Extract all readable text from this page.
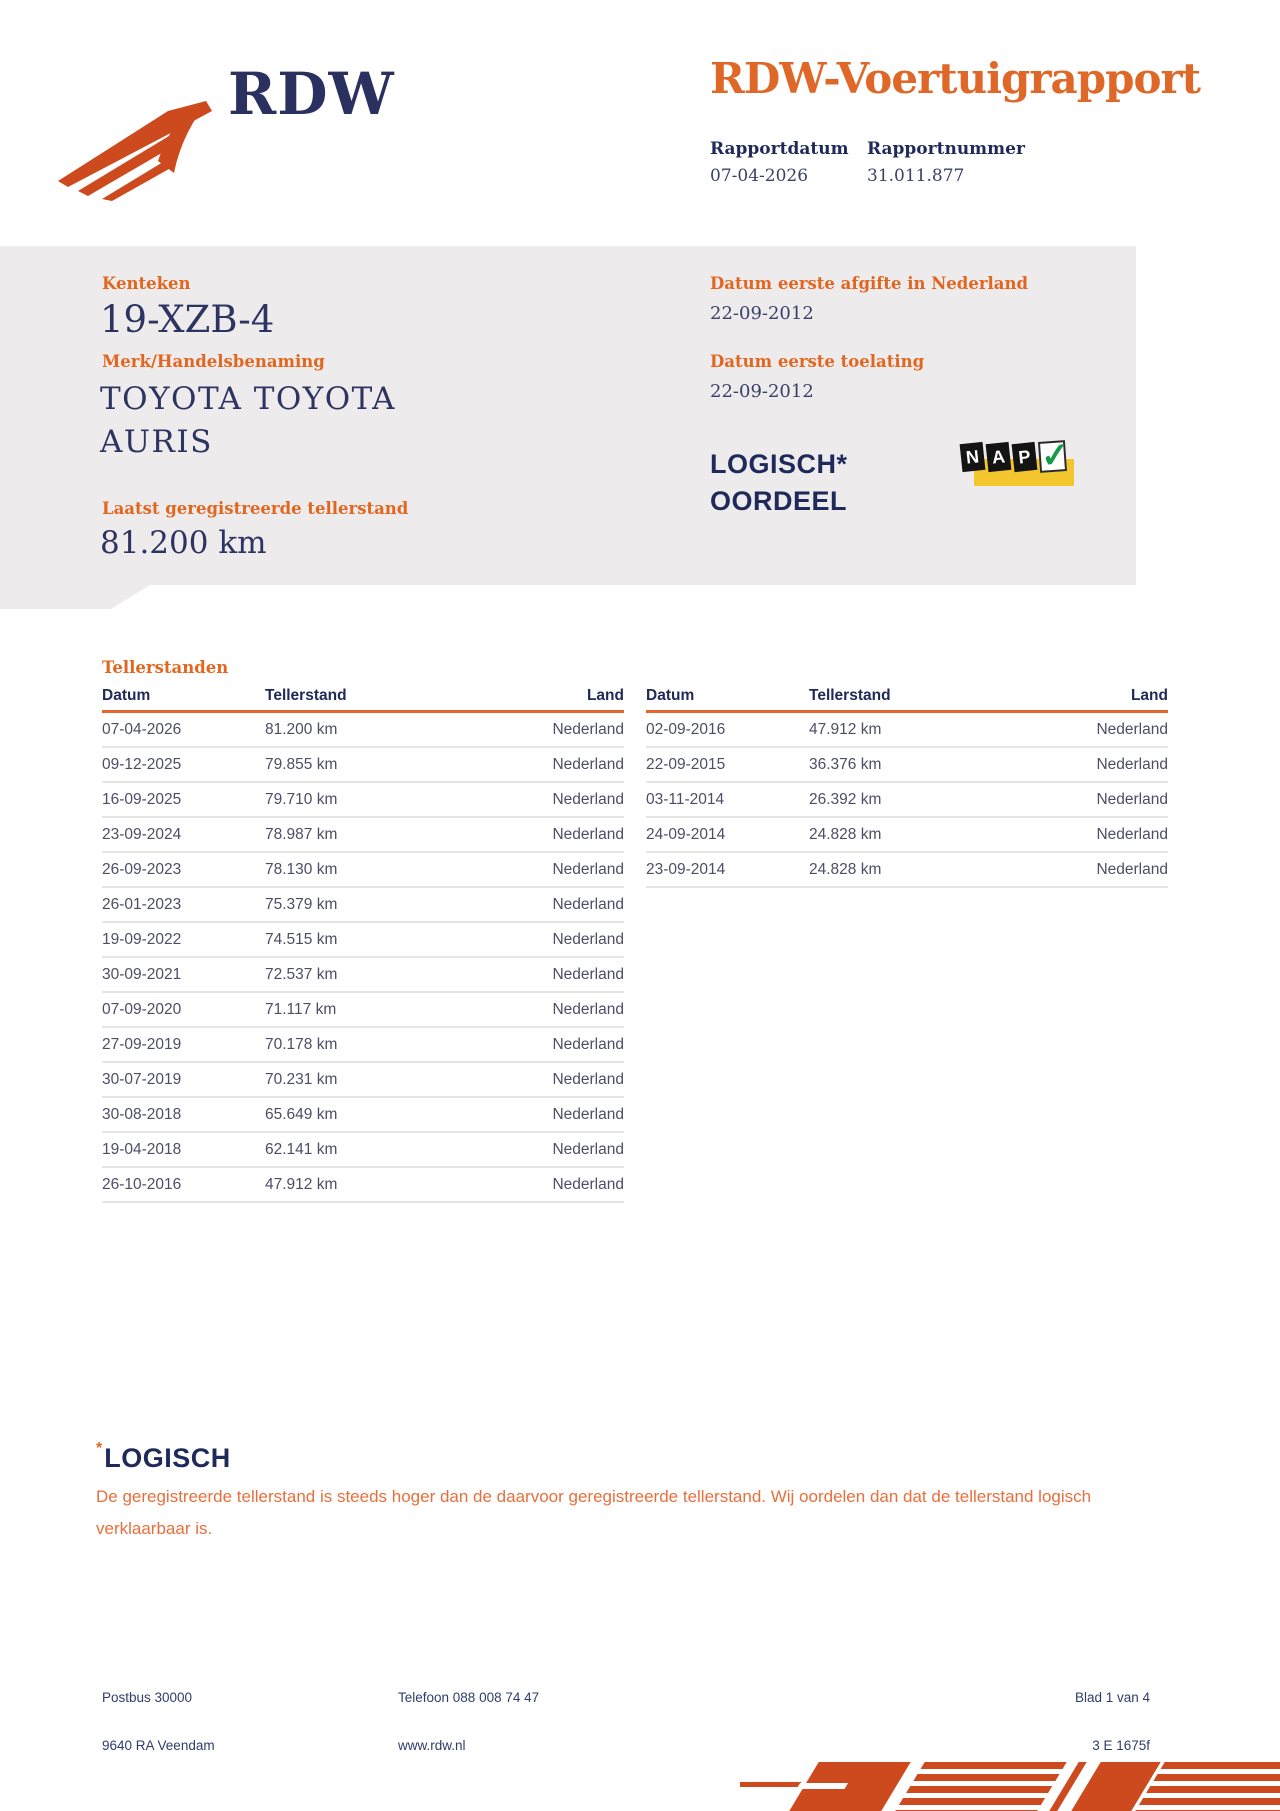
RDW	RDW-Voertuigrapport
Rapportdatum Rapportnummer
07-04-2026	31.011.877
Kenteken
19-XZB-4
Merk/Handelsbenaming
TOYOTA TOYOTA AURIS
Laatst geregistreerde tellerstand
81.200 km
Datum eerste afgifte in Nederland
22-09-2012
Datum eerste toelating
22-09-2012
LOGISCH*
OORDEEL
N A P ✓
Tellerstanden
Datum	Tellerstand	Land
07-04-2026	81.200 km	Nederland
09-12-2025	79.855 km	Nederland
16-09-2025	79.710 km	Nederland
23-09-2024	78.987 km	Nederland
26-09-2023	78.130 km	Nederland
26-01-2023	75.379 km	Nederland
19-09-2022	74.515 km	Nederland
30-09-2021	72.537 km	Nederland
07-09-2020	71.117 km	Nederland
27-09-2019	70.178 km	Nederland
30-07-2019	70.231 km	Nederland
30-08-2018	65.649 km	Nederland
19-04-2018	62.141 km	Nederland
26-10-2016	47.912 km	Nederland
Datum	Tellerstand	Land
02-09-2016	47.912 km	Nederland
22-09-2015	36.376 km	Nederland
03-11-2014	26.392 km	Nederland
24-09-2014	24.828 km	Nederland
23-09-2014	24.828 km	Nederland
*LOGISCH
De geregistreerde tellerstand is steeds hoger dan de daarvoor geregistreerde tellerstand. Wij oordelen dan dat de tellerstand logisch verklaarbaar is.
Postbus 30000	Telefoon 088 008 74 47	Blad 1 van 4
9640 RA Veendam	www.rdw.nl	3 E 1675f
